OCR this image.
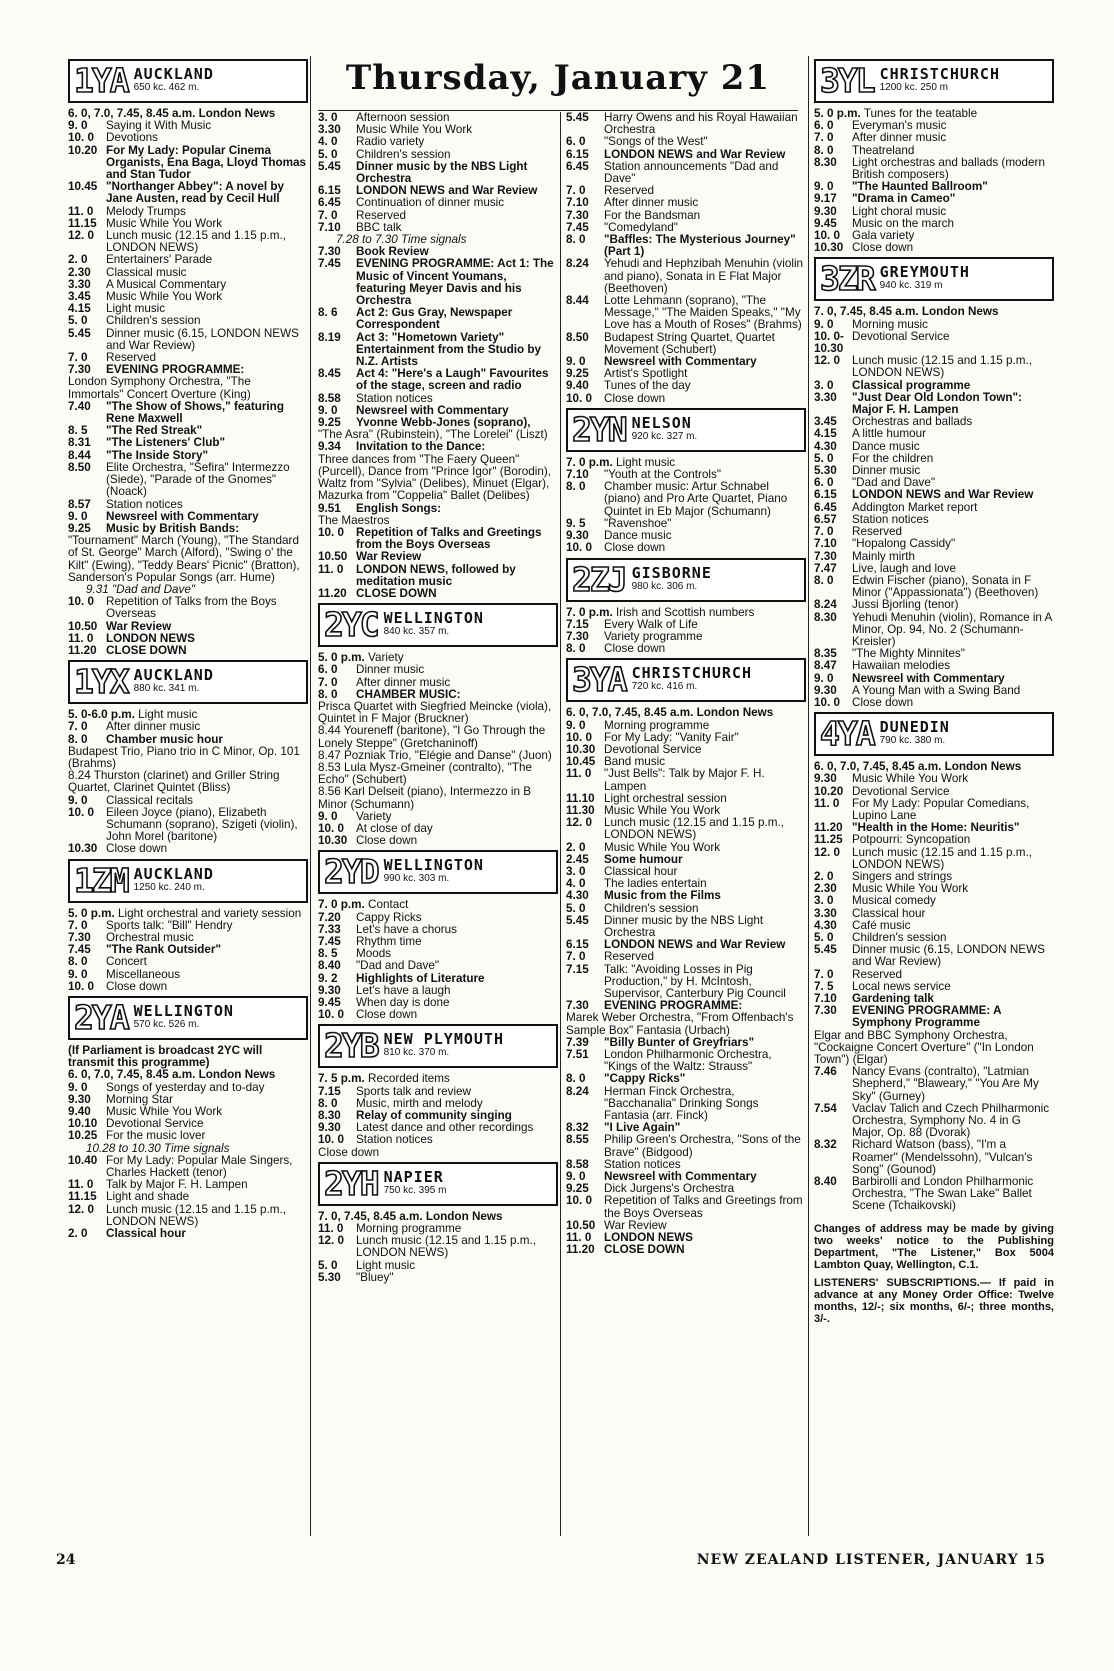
Thursday, January 21
1YA AUCKLAND
650 kc. 462 m.
6. 0, 7.0, 7.45, 8.45 a.m. London News
9. 0	Saying it With Music
10. 0	Devotions
10.20 For My Lady: Popular Cinema Organists, Ena Baga, Lloyd Thomas and Stan Tudor
10.45 "Northanger Abbey": A novel by Jane Austen, read by Cecil Hull
11. 0	Melody Trumps
11.15 Music While You Work
12. 0	Lunch music (12.15 and 1.15 p.m., LONDON NEWS)
2. 0	Entertainers' Parade
2.30	Classical music
3.30	A Musical Commentary
3.45	Music While You Work
4.15	Light music
5. 0	Children's session
5.45	Dinner music (6.15, LONDON NEWS and War Review)
7. 0	Reserved
7.30	EVENING PROGRAMME:
London Symphony Orchestra, "The Immortals" Concert Overture (King)
7.40	"The Show of Shows," featuring Rene Maxwell
8. 5	"The Red Streak"
8.31	"The Listeners' Club"
8.44	"The Inside Story"
8.50	Elite Orchestra, "Sefira" Intermezzo (Siede), "Parade of the Gnomes" (Noack)
8.57	Station notices
9. 0	Newsreel with Commentary
9.25	Music by British Bands:
"Tournament" March (Young), "The Standard of St. George" March (Alford), "Swing o' the Kilt" (Ewing), "Teddy Bears' Picnic" (Bratton), Sanderson's Popular Songs (arr. Hume)
9.31 "Dad and Dave"
10. 0	Repetition of Talks from the Boys Overseas
10.50 War Review
11. 0	LONDON NEWS
11.20 CLOSE DOWN
1YX AUCKLAND
880 kc. 341 m.
5. 0-6.0 p.m. Light music
7. 0	After dinner music
8. 0	Chamber music hour
Budapest Trio, Piano trio in C Minor, Op. 101 (Brahms)
8.24 Thurston (clarinet) and Griller String Quartet, Clarinet Quintet (Bliss)
9. 0	Classical recitals
10. 0	Eileen Joyce (piano), Elizabeth Schumann (soprano), Szigeti (violin), John Morel (baritone)
10.30 Close down
1ZM AUCKLAND
1250 kc. 240 m.
5. 0 p.m. Light orchestral and variety session
7. 0	Sports talk: "Bill" Hendry
7.30	Orchestral music
7.45	"The Rank Outsider"
8. 0	Concert
9. 0	Miscellaneous
10. 0	Close down
2YA WELLINGTON
570 kc. 526 m.
(If Parliament is broadcast 2YC will transmit this programme)
6. 0, 7.0, 7.45, 8.45 a.m. London News
9. 0	Songs of yesterday and to-day
9.30	Morning Star
9.40	Music While You Work
10.10 Devotional Service
10.25 For the music lover
10.28 to 10.30 Time signals
10.40 For My Lady: Popular Male Singers, Charles Hackett (tenor)
11. 0	Talk by Major F. H. Lampen
11.15 Light and shade
12. 0	Lunch music (12.15 and 1.15 p.m., LONDON NEWS)
2. 0	Classical hour
3. 0	Afternoon session
3.30	Music While You Work
4. 0	Radio variety
5. 0	Children's session
5.45	Dinner music by the NBS Light Orchestra
6.15	LONDON NEWS and War Review
6.45	Continuation of dinner music
7. 0	Reserved
7.10	BBC talk
7.28 to 7.30 Time signals
7.30	Book Review
7.45	EVENING PROGRAMME: Act 1: The Music of Vincent Youmans, featuring Meyer Davis and his Orchestra
8. 6	Act 2: Gus Gray, Newspaper Correspondent
8.19	Act 3: "Hometown Variety" Entertainment from the Studio by N.Z. Artists
8.45	Act 4: "Here's a Laugh" Favourites of the stage, screen and radio
8.58	Station notices
9. 0	Newsreel with Commentary
9.25	Yvonne Webb-Jones (soprano),
"The Asra" (Rubinstein), "The Lorelei" (Liszt)
9.34	Invitation to the Dance:
Three dances from "The Faery Queen" (Purcell), Dance from "Prince Igor" (Borodin), Waltz from "Sylvia" (Delibes), Minuet (Elgar), Mazurka from "Coppelia" Ballet (Delibes)
9.51	English Songs:
The Maestros
10. 0	Repetition of Talks and Greetings from the Boys Overseas
10.50 War Review
11. 0	LONDON NEWS, followed by meditation music
11.20 CLOSE DOWN
2YC WELLINGTON
840 kc. 357 m.
5. 0 p.m. Variety
6. 0	Dinner music
7. 0	After dinner music
8. 0	CHAMBER MUSIC:
Prisca Quartet with Siegfried Meincke (viola), Quintet in F Major (Bruckner)
8.44 Youreneff (baritone), "I Go Through the Lonely Steppe" (Gretchaninoff)
8.47 Pozniak Trio, "Elégie and Danse" (Juon)
8.53 Lula Mysz-Gmeiner (contralto), "The Echo" (Schubert)
8.56 Karl Delseit (piano), Intermezzo in B Minor (Schumann)
9. 0	Variety
10. 0	At close of day
10.30 Close down
2YD WELLINGTON
990 kc. 303 m.
7. 0 p.m. Contact
7.20	Cappy Ricks
7.33	Let's have a chorus
7.45	Rhythm time
8. 5	Moods
8.40	"Dad and Dave"
9. 2	Highlights of Literature
9.30	Let's have a laugh
9.45	When day is done
10. 0	Close down
2YB NEW PLYMOUTH
810 kc. 370 m.
7. 5 p.m. Recorded items
7.15	Sports talk and review
8. 0	Music, mirth and melody
8.30	Relay of community singing
9.30	Latest dance and other recordings
10. 0	Station notices
Close down
2YH NAPIER
750 kc. 395 m
7. 0, 7.45, 8.45 a.m. London News
11. 0	Morning programme
12. 0	Lunch music (12.15 and 1.15 p.m., LONDON NEWS)
5. 0	Light music
5.30	"Bluey"
5.45	Harry Owens and his Royal Hawaiian Orchestra
6. 0	"Songs of the West"
6.15	LONDON NEWS and War Review
6.45	Station announcements "Dad and Dave"
7. 0	Reserved
7.10	After dinner music
7.30	For the Bandsman
7.45	"Comedyland"
8. 0	"Baffles: The Mysterious Journey" (Part 1)
8.24	Yehudi and Hephzibah Menuhin (violin and piano), Sonata in E Flat Major (Beethoven)
8.44	Lotte Lehmann (soprano), "The Message," "The Maiden Speaks," "My Love has a Mouth of Roses" (Brahms)
8.50	Budapest String Quartet, Quartet Movement (Schubert)
9. 0	Newsreel with Commentary
9.25	Artist's Spotlight
9.40	Tunes of the day
10. 0	Close down
2YN NELSON
920 kc. 327 m.
7. 0 p.m. Light music
7.10	"Youth at the Controls"
8. 0	Chamber music: Artur Schnabel (piano) and Pro Arte Quartet, Piano Quintet in Eb Major (Schumann)
9. 5	"Ravenshoe"
9.30	Dance music
10. 0	Close down
2ZJ GISBORNE
980 kc. 306 m.
7. 0 p.m. Irish and Scottish numbers
7.15	Every Walk of Life
7.30	Variety programme
8. 0	Close down
3YA CHRISTCHURCH
720 kc. 416 m.
6. 0, 7.0, 7.45, 8.45 a.m. London News
9. 0	Morning programme
10. 0	For My Lady: "Vanity Fair"
10.30 Devotional Service
10.45 Band music
11. 0	"Just Bells": Talk by Major F. H. Lampen
11.10 Light orchestral session
11.30 Music While You Work
12. 0	Lunch music (12.15 and 1.15 p.m., LONDON NEWS)
2. 0	Music While You Work
2.45	Some humour
3. 0	Classical hour
4. 0	The ladies entertain
4.30	Music from the Films
5. 0	Children's session
5.45	Dinner music by the NBS Light Orchestra
6.15	LONDON NEWS and War Review
7. 0	Reserved
7.15	Talk: "Avoiding Losses in Pig Production," by H. McIntosh, Supervisor, Canterbury Pig Council
7.30	EVENING PROGRAMME:
Marek Weber Orchestra, "From Offenbach's Sample Box" Fantasia (Urbach)
7.39	"Billy Bunter of Greyfriars"
7.51	London Philharmonic Orchestra, "Kings of the Waltz: Strauss"
8. 0	"Cappy Ricks"
8.24	Herman Finck Orchestra, "Bacchanalia" Drinking Songs Fantasia (arr. Finck)
8.32	"I Live Again"
8.55	Philip Green's Orchestra, "Sons of the Brave" (Bidgood)
8.58	Station notices
9. 0	Newsreel with Commentary
9.25	Dick Jurgens's Orchestra
10. 0	Repetition of Talks and Greetings from the Boys Overseas
10.50 War Review
11. 0	LONDON NEWS
11.20 CLOSE DOWN
3YL CHRISTCHURCH
1200 kc. 250 m
5. 0 p.m. Tunes for the teatable
6. 0	Everyman's music
7. 0	After dinner music
8. 0	Theatreland
8.30	Light orchestras and ballads (modern British composers)
9. 0	"The Haunted Ballroom"
9.17	"Drama in Cameo"
9.30	Light choral music
9.45	Music on the march
10. 0	Gala variety
10.30 Close down
3ZR GREYMOUTH
940 kc. 319 m
7. 0, 7.45, 8.45 a.m. London News
9. 0	Morning music
10. 0-10.30
Devotional Service
12. 0	Lunch music (12.15 and 1.15 p.m., LONDON NEWS)
3. 0	Classical programme
3.30	"Just Dear Old London Town": Major F. H. Lampen
3.45	Orchestras and ballads
4.15	A little humour
4.30	Dance music
5. 0	For the children
5.30	Dinner music
6. 0	"Dad and Dave"
6.15	LONDON NEWS and War Review
6.45	Addington Market report
6.57	Station notices
7. 0	Reserved
7.10	"Hopalong Cassidy"
7.30	Mainly mirth
7.47	Live, laugh and love
8. 0	Edwin Fischer (piano), Sonata in F Minor ("Appassionata") (Beethoven)
8.24	Jussi Bjorling (tenor)
8.30	Yehudi Menuhin (violin), Romance in A Minor, Op. 94, No. 2 (Schumann-Kreisler)
8.35	"The Mighty Minnites"
8.47	Hawaiian melodies
9. 0	Newsreel with Commentary
9.30	A Young Man with a Swing Band
10. 0	Close down
4YA DUNEDIN
790 kc. 380 m.
6. 0, 7.0, 7.45, 8.45 a.m. London News
9.30	Music While You Work
10.20 Devotional Service
11. 0	For My Lady: Popular Comedians, Lupino Lane
11.20 "Health in the Home: Neuritis"
11.25 Potpourri: Syncopation
12. 0	Lunch music (12.15 and 1.15 p.m., LONDON NEWS)
2. 0	Singers and strings
2.30	Music While You Work
3. 0	Musical comedy
3.30	Classical hour
4.30	Café music
5. 0	Children's session
5.45	Dinner music (6.15, LONDON NEWS and War Review)
7. 0	Reserved
7. 5	Local news service
7.10	Gardening talk
7.30	EVENING PROGRAMME: A Symphony Programme
Elgar and BBC Symphony Orchestra, "Cockaigne Concert Overture" ("In London Town") (Elgar)
7.46	Nancy Evans (contralto), "Latmian Shepherd," "Blaweary," "You Are My Sky" (Gurney)
7.54	Vaclav Talich and Czech Philharmonic Orchestra, Symphony No. 4 in G Major, Op. 88 (Dvorak)
8.32	Richard Watson (bass), "I'm a Roamer" (Mendelssohn), "Vulcan's Song" (Gounod)
8.40	Barbirolli and London Philharmonic Orchestra, "The Swan Lake" Ballet Scene (Tchaikovski)

Changes of address may be made by giving two weeks' notice to the Publishing Department, "The Listener," Box 5004 Lambton Quay, Wellington, C.1.

LISTENERS' SUBSCRIPTIONS.— If paid in advance at any Money Order Office: Twelve months, 12/-; six months, 6/-; three months, 3/-.

24	NEW ZEALAND LISTENER, JANUARY 15
